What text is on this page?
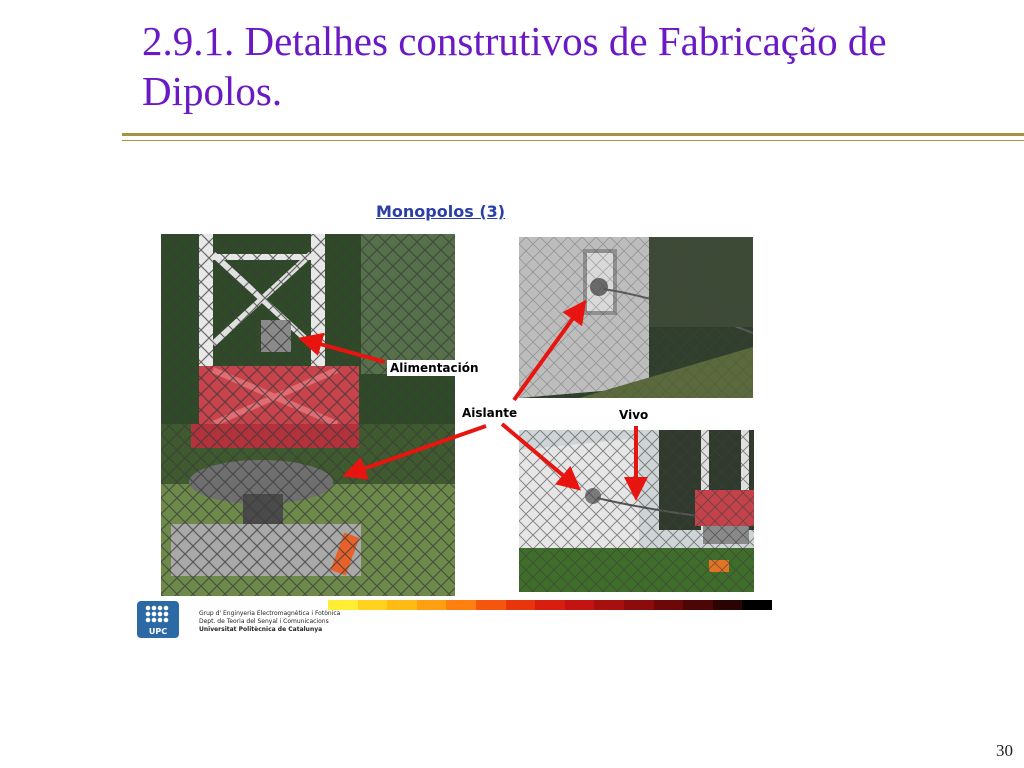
2.9.1. Detalhes construtivos de Fabricação de Dipolos.
Monopolos (3)
Alimentación
Aislante	Vivo
UPC
Grup d' Enginyeria Electromagnètica i Fotònica
Dept. de Teoria del Senyal i Comunicacions
Universitat Politècnica de Catalunya
30
